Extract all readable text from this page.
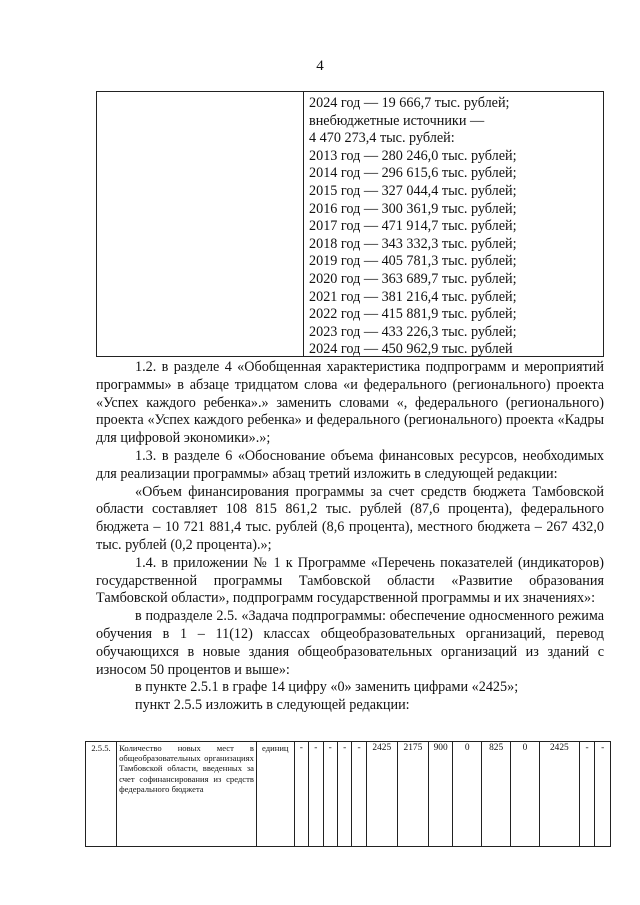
4
2024 год — 19 666,7 тыс. рублей;
внебюджетные источники —
4 470 273,4 тыс. рублей:
2013 год — 280 246,0 тыс. рублей;
2014 год — 296 615,6 тыс. рублей;
2015 год — 327 044,4 тыс. рублей;
2016 год — 300 361,9 тыс. рублей;
2017 год — 471 914,7 тыс. рублей;
2018 год — 343 332,3 тыс. рублей;
2019 год — 405 781,3 тыс. рублей;
2020 год — 363 689,7 тыс. рублей;
2021 год — 381 216,4 тыс. рублей;
2022 год — 415 881,9 тыс. рублей;
2023 год — 433 226,3 тыс. рублей;
2024 год — 450 962,9 тыс. рублей

1.2. в разделе 4 «Обобщенная характеристика подпрограмм и мероприятий программы» в абзаце тридцатом слова «и федерального (регионального) проекта «Успех каждого ребенка».» заменить словами «, федерального (регионального) проекта «Успех каждого ребенка» и федерального (регионального) проекта «Кадры для цифровой экономики».»;

1.3. в разделе 6 «Обоснование объема финансовых ресурсов, необходимых для реализации программы» абзац третий изложить в следующей редакции:

«Объем финансирования программы за счет средств бюджета Тамбовской области составляет 108 815 861,2 тыс. рублей (87,6 процента), федерального бюджета – 10 721 881,4 тыс. рублей (8,6 процента), местного бюджета – 267 432,0 тыс. рублей (0,2 процента).»;

1.4. в приложении № 1 к Программе «Перечень показателей (индикаторов) государственной программы Тамбовской области «Развитие образования Тамбовской области», подпрограмм государственной программы и их значениях»:

в подразделе 2.5. «Задача подпрограммы: обеспечение односменного режима обучения в 1 – 11(12) классах общеобразовательных организаций, перевод обучающихся в новые здания общеобразовательных организаций из зданий с износом 50 процентов и выше»:

в пункте 2.5.1 в графе 14 цифру «0» заменить цифрами «2425»;

пункт 2.5.5 изложить в следующей редакции:

2.5.5.	Количество новых мест в общеобразовательных организациях Тамбовской области, введенных за счет софинансирования из средств федерального бюджета	единиц	-	-	-	-	-	2425	2175	900	0	825	0	2425	-	-
